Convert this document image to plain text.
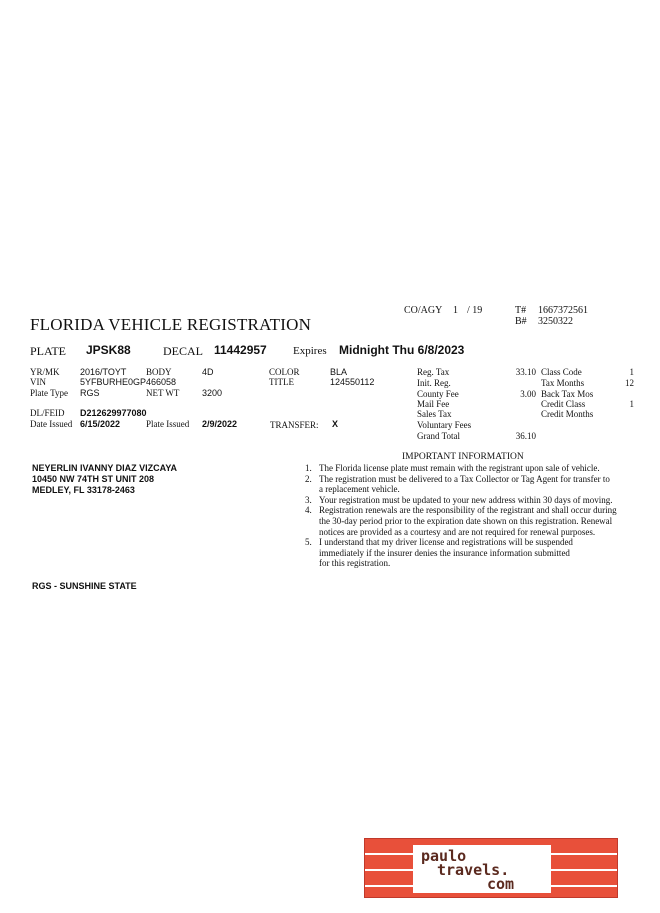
CO/AGY 1 / 19	T# 1667372561
B# 3250322
FLORIDA VEHICLE REGISTRATION
PLATE JPSK88	DECAL 11442957 Expires Midnight Thu 6/8/2023
YR/MK 2016/TOYT BODY	4D	COLOR	BLA
VIN	5YFBURHE0GP466058	TITLE	124550112
Plate Type RGS	NET WT	3200
DL/FEID D212629977080
Date Issued 6/15/2022	Plate Issued 2/9/2022	TRANSFER: X
Reg. Tax	33.10
Init. Reg.
County Fee	3.00
Mail Fee
Sales Tax
Voluntary Fees
Grand Total	36.10
Class Code	1
Tax Months	12
Back Tax Mos
Credit Class	1
Credit Months
NEYERLIN IVANNY DIAZ VIZCAYA
10450 NW 74TH ST UNIT 208
MEDLEY, FL 33178-2463
IMPORTANT INFORMATION
1. The Florida license plate must remain with the registrant upon sale of vehicle.
2. The registration must be delivered to a Tax Collector or Tag Agent for transfer to
a replacement vehicle.
3. Your registration must be updated to your new address within 30 days of moving.
4. Registration renewals are the responsibility of the registrant and shall occur during
the 30-day period prior to the expiration date shown on this registration. Renewal
notices are provided as a courtesy and are not required for renewal purposes.
5. I understand that my driver license and registrations will be suspended
immediately if the insurer denies the insurance information submitted
for this registration.
RGS - SUNSHINE STATE
paulo
travels.
com
